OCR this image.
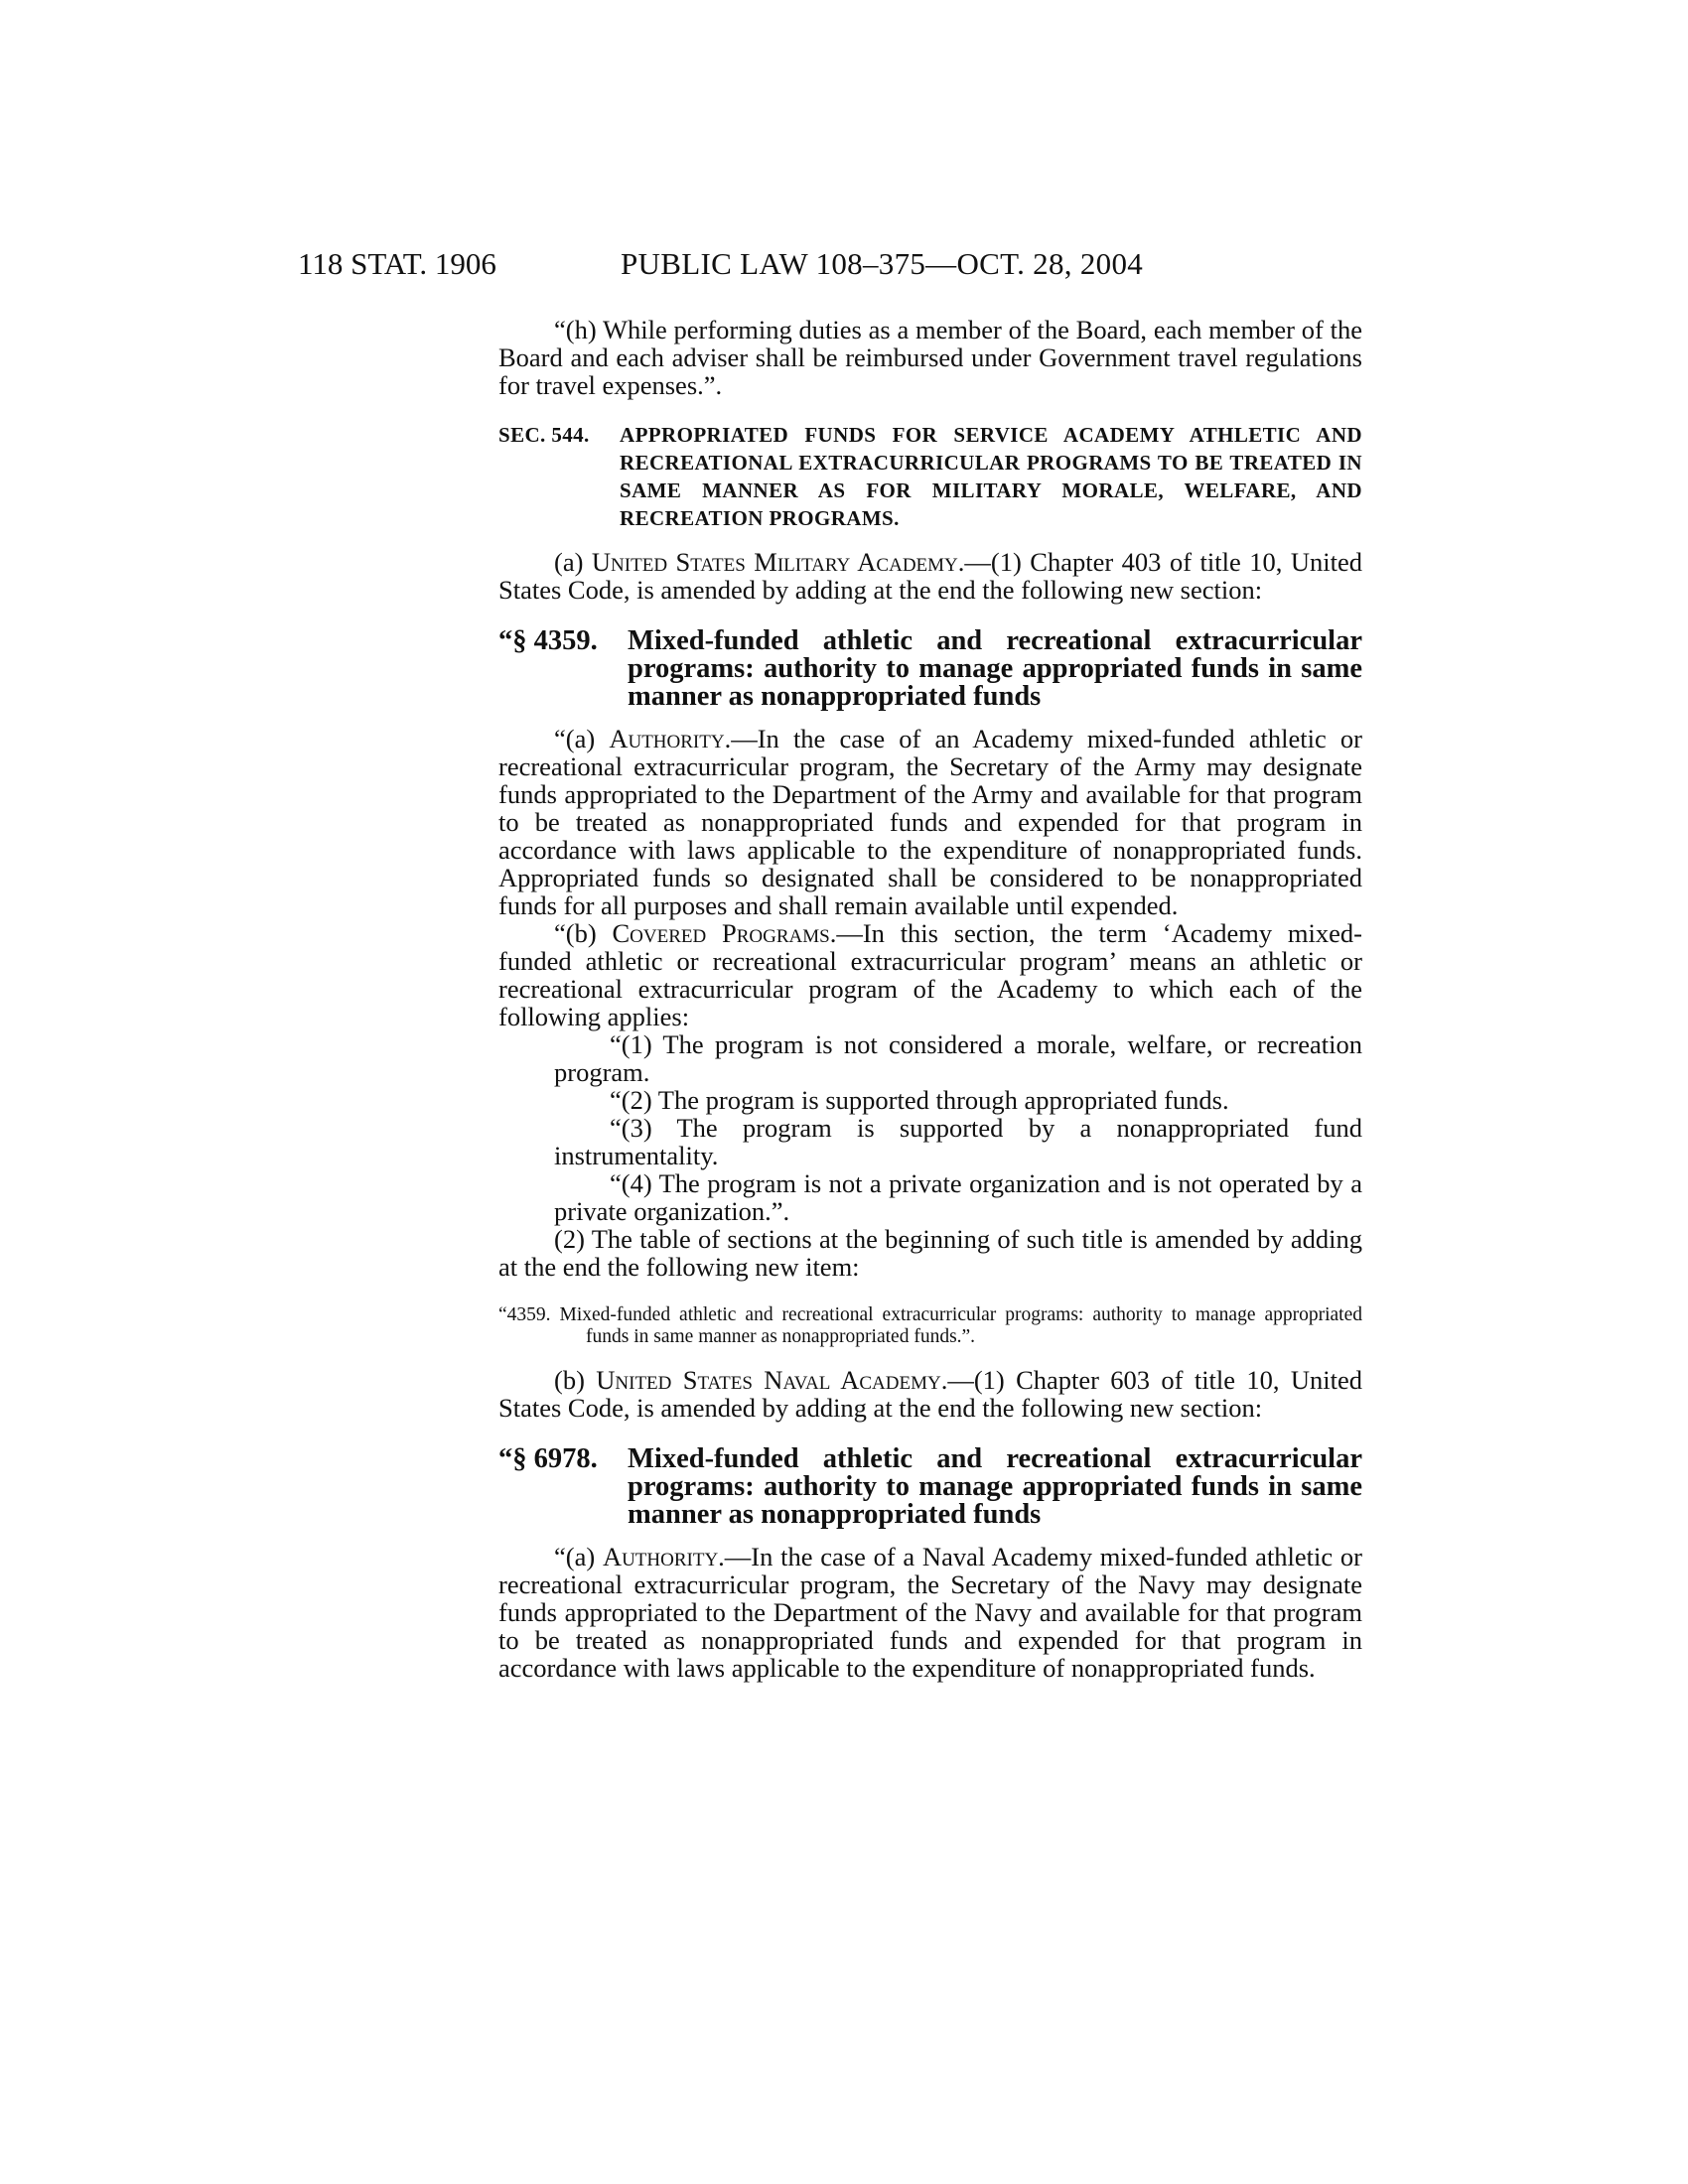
118 STAT. 1906	PUBLIC LAW 108–375—OCT. 28, 2004

“(h) While performing duties as a member of the Board, each member of the Board and each adviser shall be reimbursed under Government travel regulations for travel expenses.”.

SEC. 544.	APPROPRIATED FUNDS FOR SERVICE ACADEMY ATHLETIC AND RECREATIONAL EXTRACURRICULAR PROGRAMS TO BE TREATED IN SAME MANNER AS FOR MILITARY MORALE, WELFARE, AND RECREATION PROGRAMS.

(a) United States Military Academy.—(1) Chapter 403 of title 10, United States Code, is amended by adding at the end the following new section:

“§ 4359.	Mixed-funded athletic and recreational extracurricular programs: authority to manage appropriated funds in same manner as nonappropriated funds

“(a) Authority.—In the case of an Academy mixed-funded athletic or recreational extracurricular program, the Secretary of the Army may designate funds appropriated to the Department of the Army and available for that program to be treated as nonappropriated funds and expended for that program in accordance with laws applicable to the expenditure of nonappropriated funds. Appropriated funds so designated shall be considered to be nonappropriated funds for all purposes and shall remain available until expended.

“(b) Covered Programs.—In this section, the term ‘Academy mixed-funded athletic or recreational extracurricular program’ means an athletic or recreational extracurricular program of the Academy to which each of the following applies:

“(1) The program is not considered a morale, welfare, or recreation program.

“(2) The program is supported through appropriated funds.

“(3) The program is supported by a nonappropriated fund instrumentality.

“(4) The program is not a private organization and is not operated by a private organization.”.

(2) The table of sections at the beginning of such title is amended by adding at the end the following new item:

“4359. Mixed-funded athletic and recreational extracurricular programs: authority to manage appropriated funds in same manner as nonappropriated funds.”.

(b) United States Naval Academy.—(1) Chapter 603 of title 10, United States Code, is amended by adding at the end the following new section:

“§ 6978.	Mixed-funded athletic and recreational extracurricular programs: authority to manage appropriated funds in same manner as nonappropriated funds

“(a) Authority.—In the case of a Naval Academy mixed-funded athletic or recreational extracurricular program, the Secretary of the Navy may designate funds appropriated to the Department of the Navy and available for that program to be treated as nonappropriated funds and expended for that program in accordance with laws applicable to the expenditure of nonappropriated funds.
